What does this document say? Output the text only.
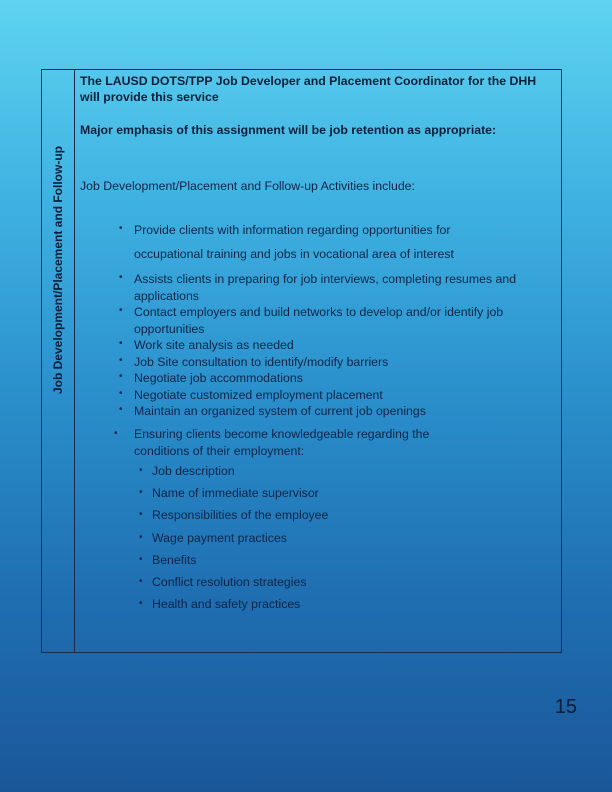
Job Development/Placement and Follow-up
The LAUSD DOTS/TPP Job Developer and Placement Coordinator for the DHH will provide this service
Major emphasis of this assignment will be job retention as appropriate:
Job Development/Placement and Follow-up Activities include:
• Provide clients with information regarding opportunities for
occupational training and jobs in vocational area of interest
• Assists clients in preparing for job interviews, completing resumes and applications
• Contact employers and build networks to develop and/or identify job opportunities
• Work site analysis as needed
• Job Site consultation to identify/modify barriers
• Negotiate job accommodations
• Negotiate customized employment placement
• Maintain an organized system of current job openings
• Ensuring clients become knowledgeable regarding the conditions of their employment:
• Job description
• Name of immediate supervisor
• Responsibilities of the employee
• Wage payment practices
• Benefits
• Conflict resolution strategies
• Health and safety practices
15
